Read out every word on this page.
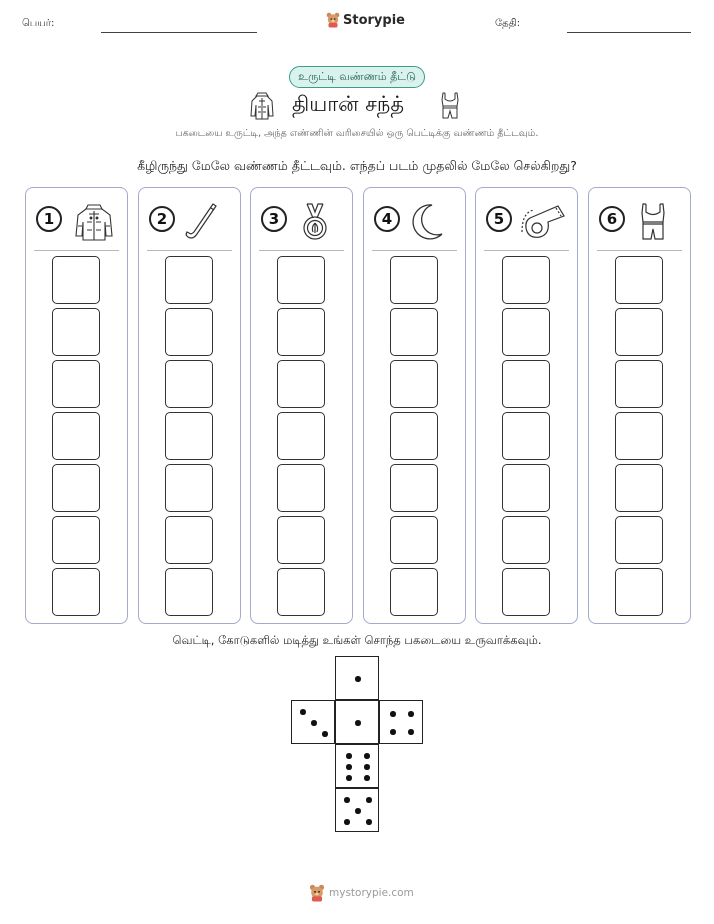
பெயர்:	Storypie	தேதி:
உருட்டி வண்ணம் தீட்டு
தியான் சந்த்
பகடையை உருட்டி, அந்த எண்ணின் வரிசையில் ஒரு பெட்டிக்கு வண்ணம் தீட்டவும்.
கீழிருந்து மேலே வண்ணம் தீட்டவும். எந்தப் படம் முதலில் மேலே செல்கிறது?
1	2	3	4	5	6
வெட்டி, கோடுகளில் மடித்து உங்கள் சொந்த பகடையை உருவாக்கவும்.
mystorypie.com
